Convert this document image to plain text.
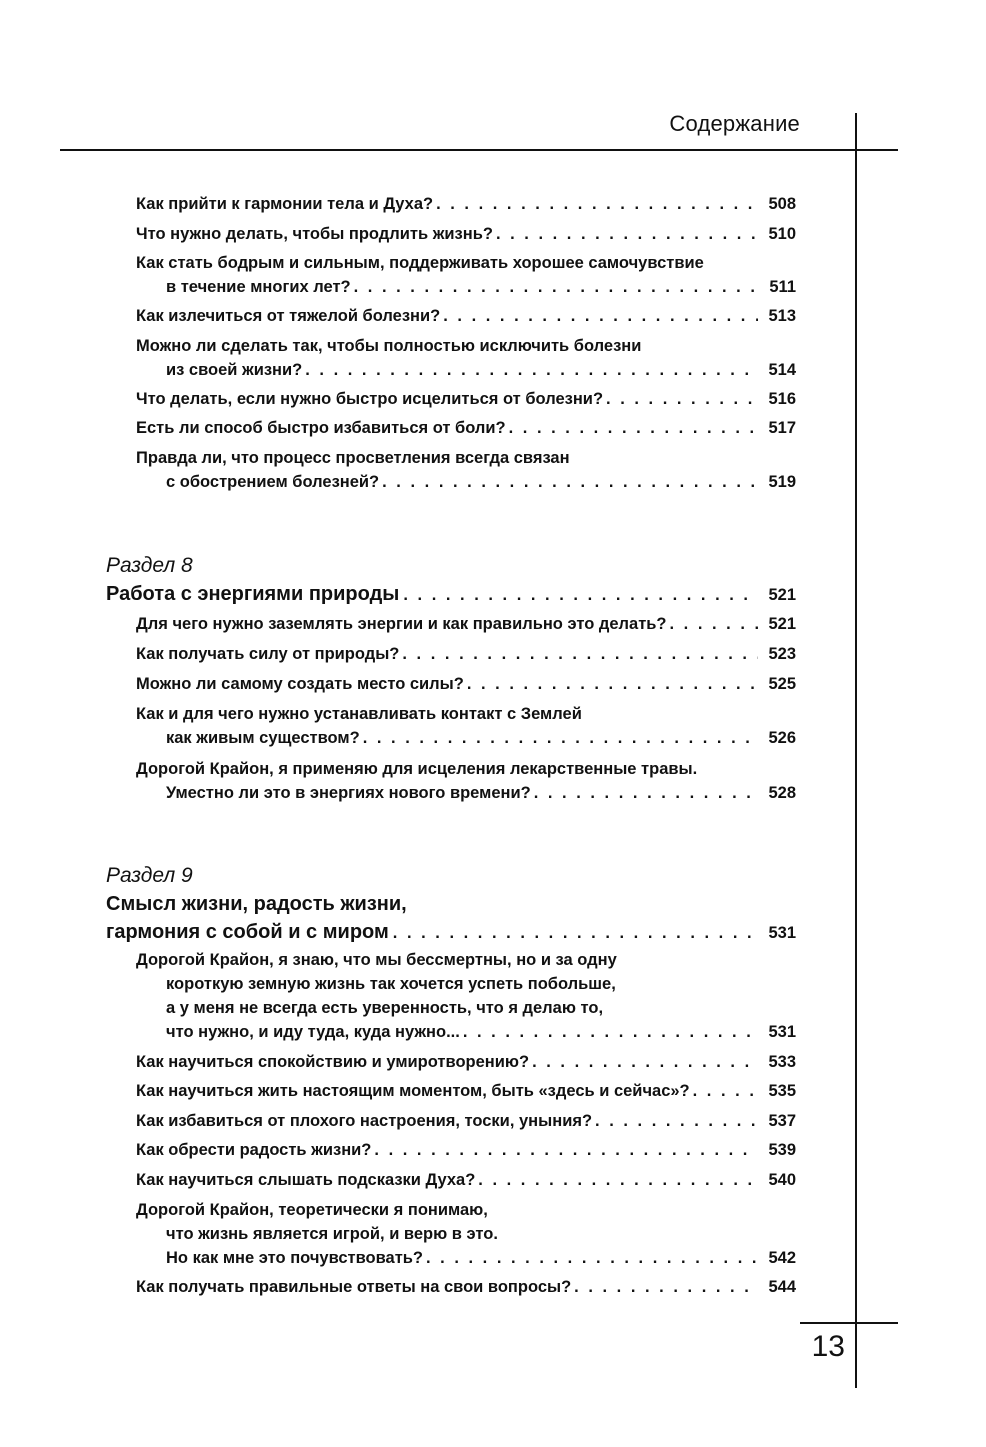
Содержание
13
Как прийти к гармонии тела и Духа? . . .	508
Что нужно делать, чтобы продлить жизнь? . . .	510
Как стать бодрым и сильным, поддерживать хорошее самочувствие
в течение многих лет? . . .	511
Как излечиться от тяжелой болезни? . . .	513
Можно ли сделать так, чтобы полностью исключить болезни
из своей жизни? . . .	514
Что делать, если нужно быстро исцелиться от болезни? . . .	516
Есть ли способ быстро избавиться от боли? . . .	517
Правда ли, что процесс просветления всегда связан
с обострением болезней? . . .	519
Раздел 8
Работа с энергиями природы . . .	521
Для чего нужно заземлять энергии и как правильно это делать? . . .	521
Как получать силу от природы? . . .	523
Можно ли самому создать место силы? . . .	525
Как и для чего нужно устанавливать контакт с Землей
как живым существом? . . .	526
Дорогой Крайон, я применяю для исцеления лекарственные травы.
Уместно ли это в энергиях нового времени? . . .	528
Раздел 9
Смысл жизни, радость жизни,
гармония с собой и с миром . . .	531
Дорогой Крайон, я знаю, что мы бессмертны, но и за одну
короткую земную жизнь так хочется успеть побольше,
а у меня не всегда есть уверенность, что я делаю то,
что нужно, и иду туда, куда нужно... . . .	531
Как научиться спокойствию и умиротворению? . . .	533
Как научиться жить настоящим моментом, быть «здесь и сейчас»? . . .	535
Как избавиться от плохого настроения, тоски, уныния? . . .	537
Как обрести радость жизни? . . .	539
Как научиться слышать подсказки Духа? . . .	540
Дорогой Крайон, теоретически я понимаю,
что жизнь является игрой, и верю в это.
Но как мне это почувствовать? . . .	542
Как получать правильные ответы на свои вопросы? . . .	544
